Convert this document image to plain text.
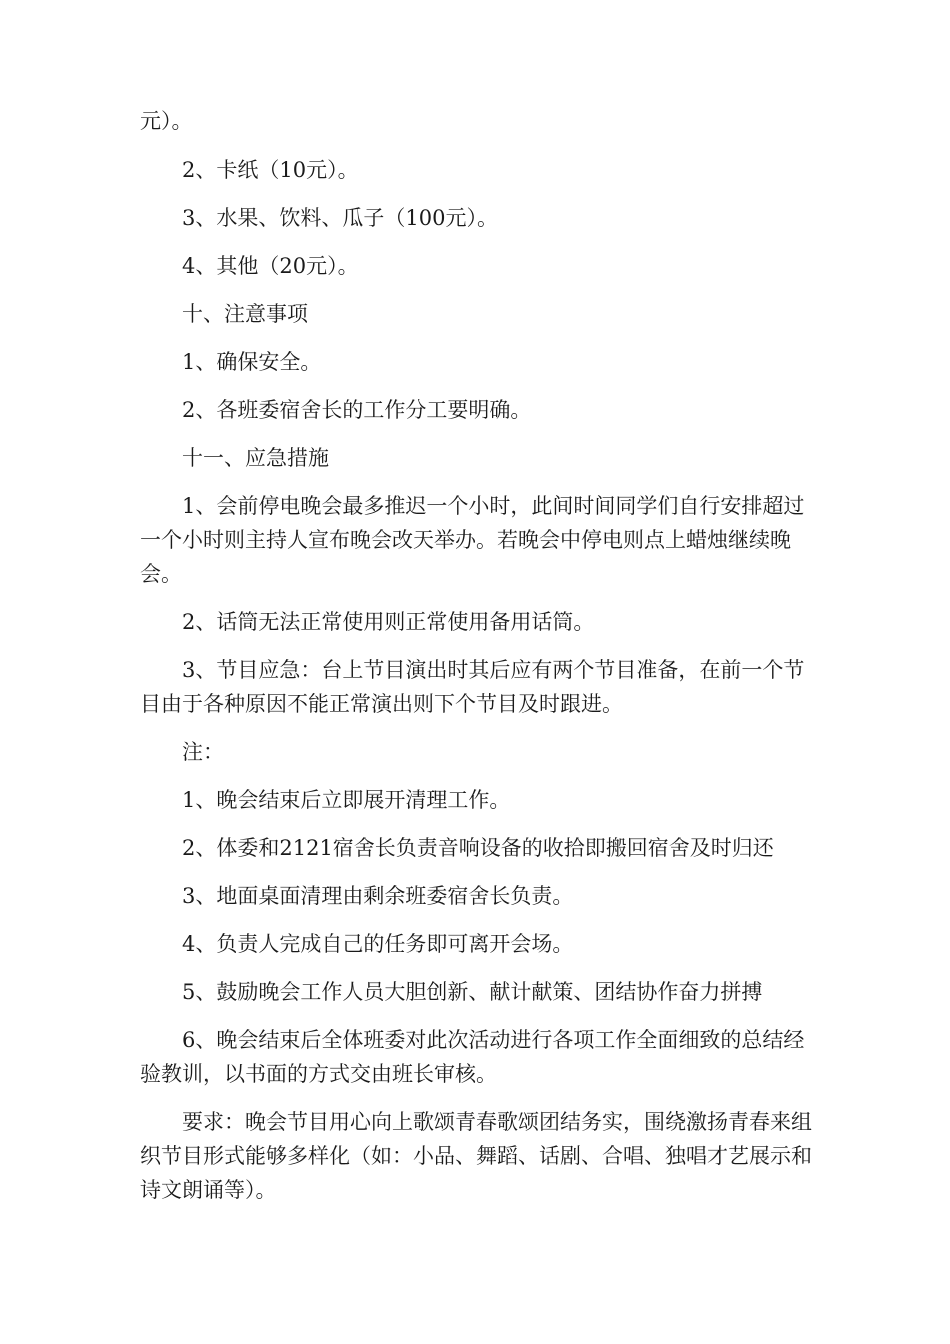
元）。

2、卡纸（10元）。

3、水果、饮料、瓜子（100元）。

4、其他（20元）。

十、注意事项

1、确保安全。

2、各班委宿舍长的工作分工要明确。

十一、应急措施

1、会前停电晚会最多推迟一个小时，此间时间同学们自行安排超过一个小时则主持人宣布晚会改天举办。若晚会中停电则点上蜡烛继续晚会。

2、话筒无法正常使用则正常使用备用话筒。

3、节目应急：台上节目演出时其后应有两个节目准备，在前一个节目由于各种原因不能正常演出则下个节目及时跟进。

注：

1、晚会结束后立即展开清理工作。

2、体委和2121宿舍长负责音响设备的收拾即搬回宿舍及时归还

3、地面桌面清理由剩余班委宿舍长负责。

4、负责人完成自己的任务即可离开会场。

5、鼓励晚会工作人员大胆创新、献计献策、团结协作奋力拼搏

6、晚会结束后全体班委对此次活动进行各项工作全面细致的总结经验教训，以书面的方式交由班长审核。

要求：晚会节目用心向上歌颂青春歌颂团结务实，围绕激扬青春来组织节目形式能够多样化（如：小品、舞蹈、话剧、合唱、独唱才艺展示和诗文朗诵等）。
